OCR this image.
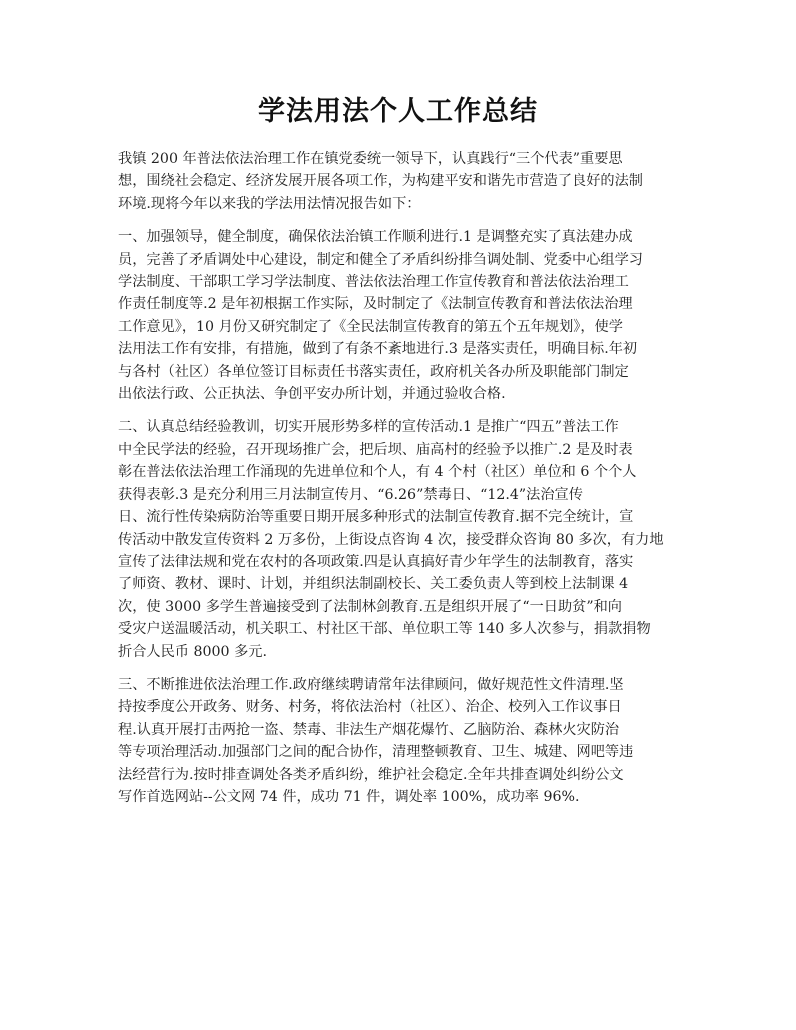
学法用法个人工作总结

我镇 200 年普法依法治理工作在镇党委统一领导下，认真践行“三个代表”重要思
想，围绕社会稳定、经济发展开展各项工作，为构建平安和谐先市营造了良好的法制
环境.现将今年以来我的学法用法情况报告如下：

一、加强领导，健全制度，确保依法治镇工作顺利进行.1 是调整充实了真法建办成
员，完善了矛盾调处中心建设，制定和健全了矛盾纠纷排刍调处制、党委中心组学习
学法制度、干部职工学习学法制度、普法依法治理工作宣传教育和普法依法治理工
作责任制度等.2 是年初根据工作实际，及时制定了《法制宣传教育和普法依法治理
工作意见》，10 月份又研究制定了《全民法制宣传教育的第五个五年规划》，使学
法用法工作有安排，有措施，做到了有条不紊地进行.3 是落实责任，明确目标.年初
与各村（社区）各单位签订目标责任书落实责任，政府机关各办所及职能部门制定
出依法行政、公正执法、争创平安办所计划，并通过验收合格.

二、认真总结经验教训，切实开展形势多样的宣传活动.1 是推广“四五”普法工作
中全民学法的经验，召开现场推广会，把后坝、庙高村的经验予以推广.2 是及时表
彰在普法依法治理工作涌现的先进单位和个人，有 4 个村（社区）单位和 6 个个人
获得表彰.3 是充分利用三月法制宣传月、“6.26”禁毒日、“12.4”法治宣传
日、流行性传染病防治等重要日期开展多种形式的法制宣传教育.据不完全统计，宣
传活动中散发宣传资料 2 万多份，上街设点咨询 4 次，接受群众咨询 80 多次，有力地
宣传了法律法规和党在农村的各项政策.四是认真搞好青少年学生的法制教育，落实
了师资、教材、课时、计划，并组织法制副校长、关工委负责人等到校上法制课 4
次，使 3000 多学生普遍接受到了法制林剑教育.五是组织开展了“一日助贫”和向
受灾户送温暖活动，机关职工、村社区干部、单位职工等 140 多人次参与，捐款捐物
折合人民币 8000 多元.

三、不断推进依法治理工作.政府继续聘请常年法律顾问，做好规范性文件清理.坚
持按季度公开政务、财务、村务，将依法治村（社区）、治企、校列入工作议事日
程.认真开展打击两抢一盗、禁毒、非法生产烟花爆竹、乙脑防治、森林火灾防治
等专项治理活动.加强部门之间的配合协作，清理整顿教育、卫生、城建、网吧等违
法经营行为.按时排查调处各类矛盾纠纷，维护社会稳定.全年共排查调处纠纷公文
写作首选网站--公文网 74 件，成功 71 件，调处率 100%，成功率 96%.
